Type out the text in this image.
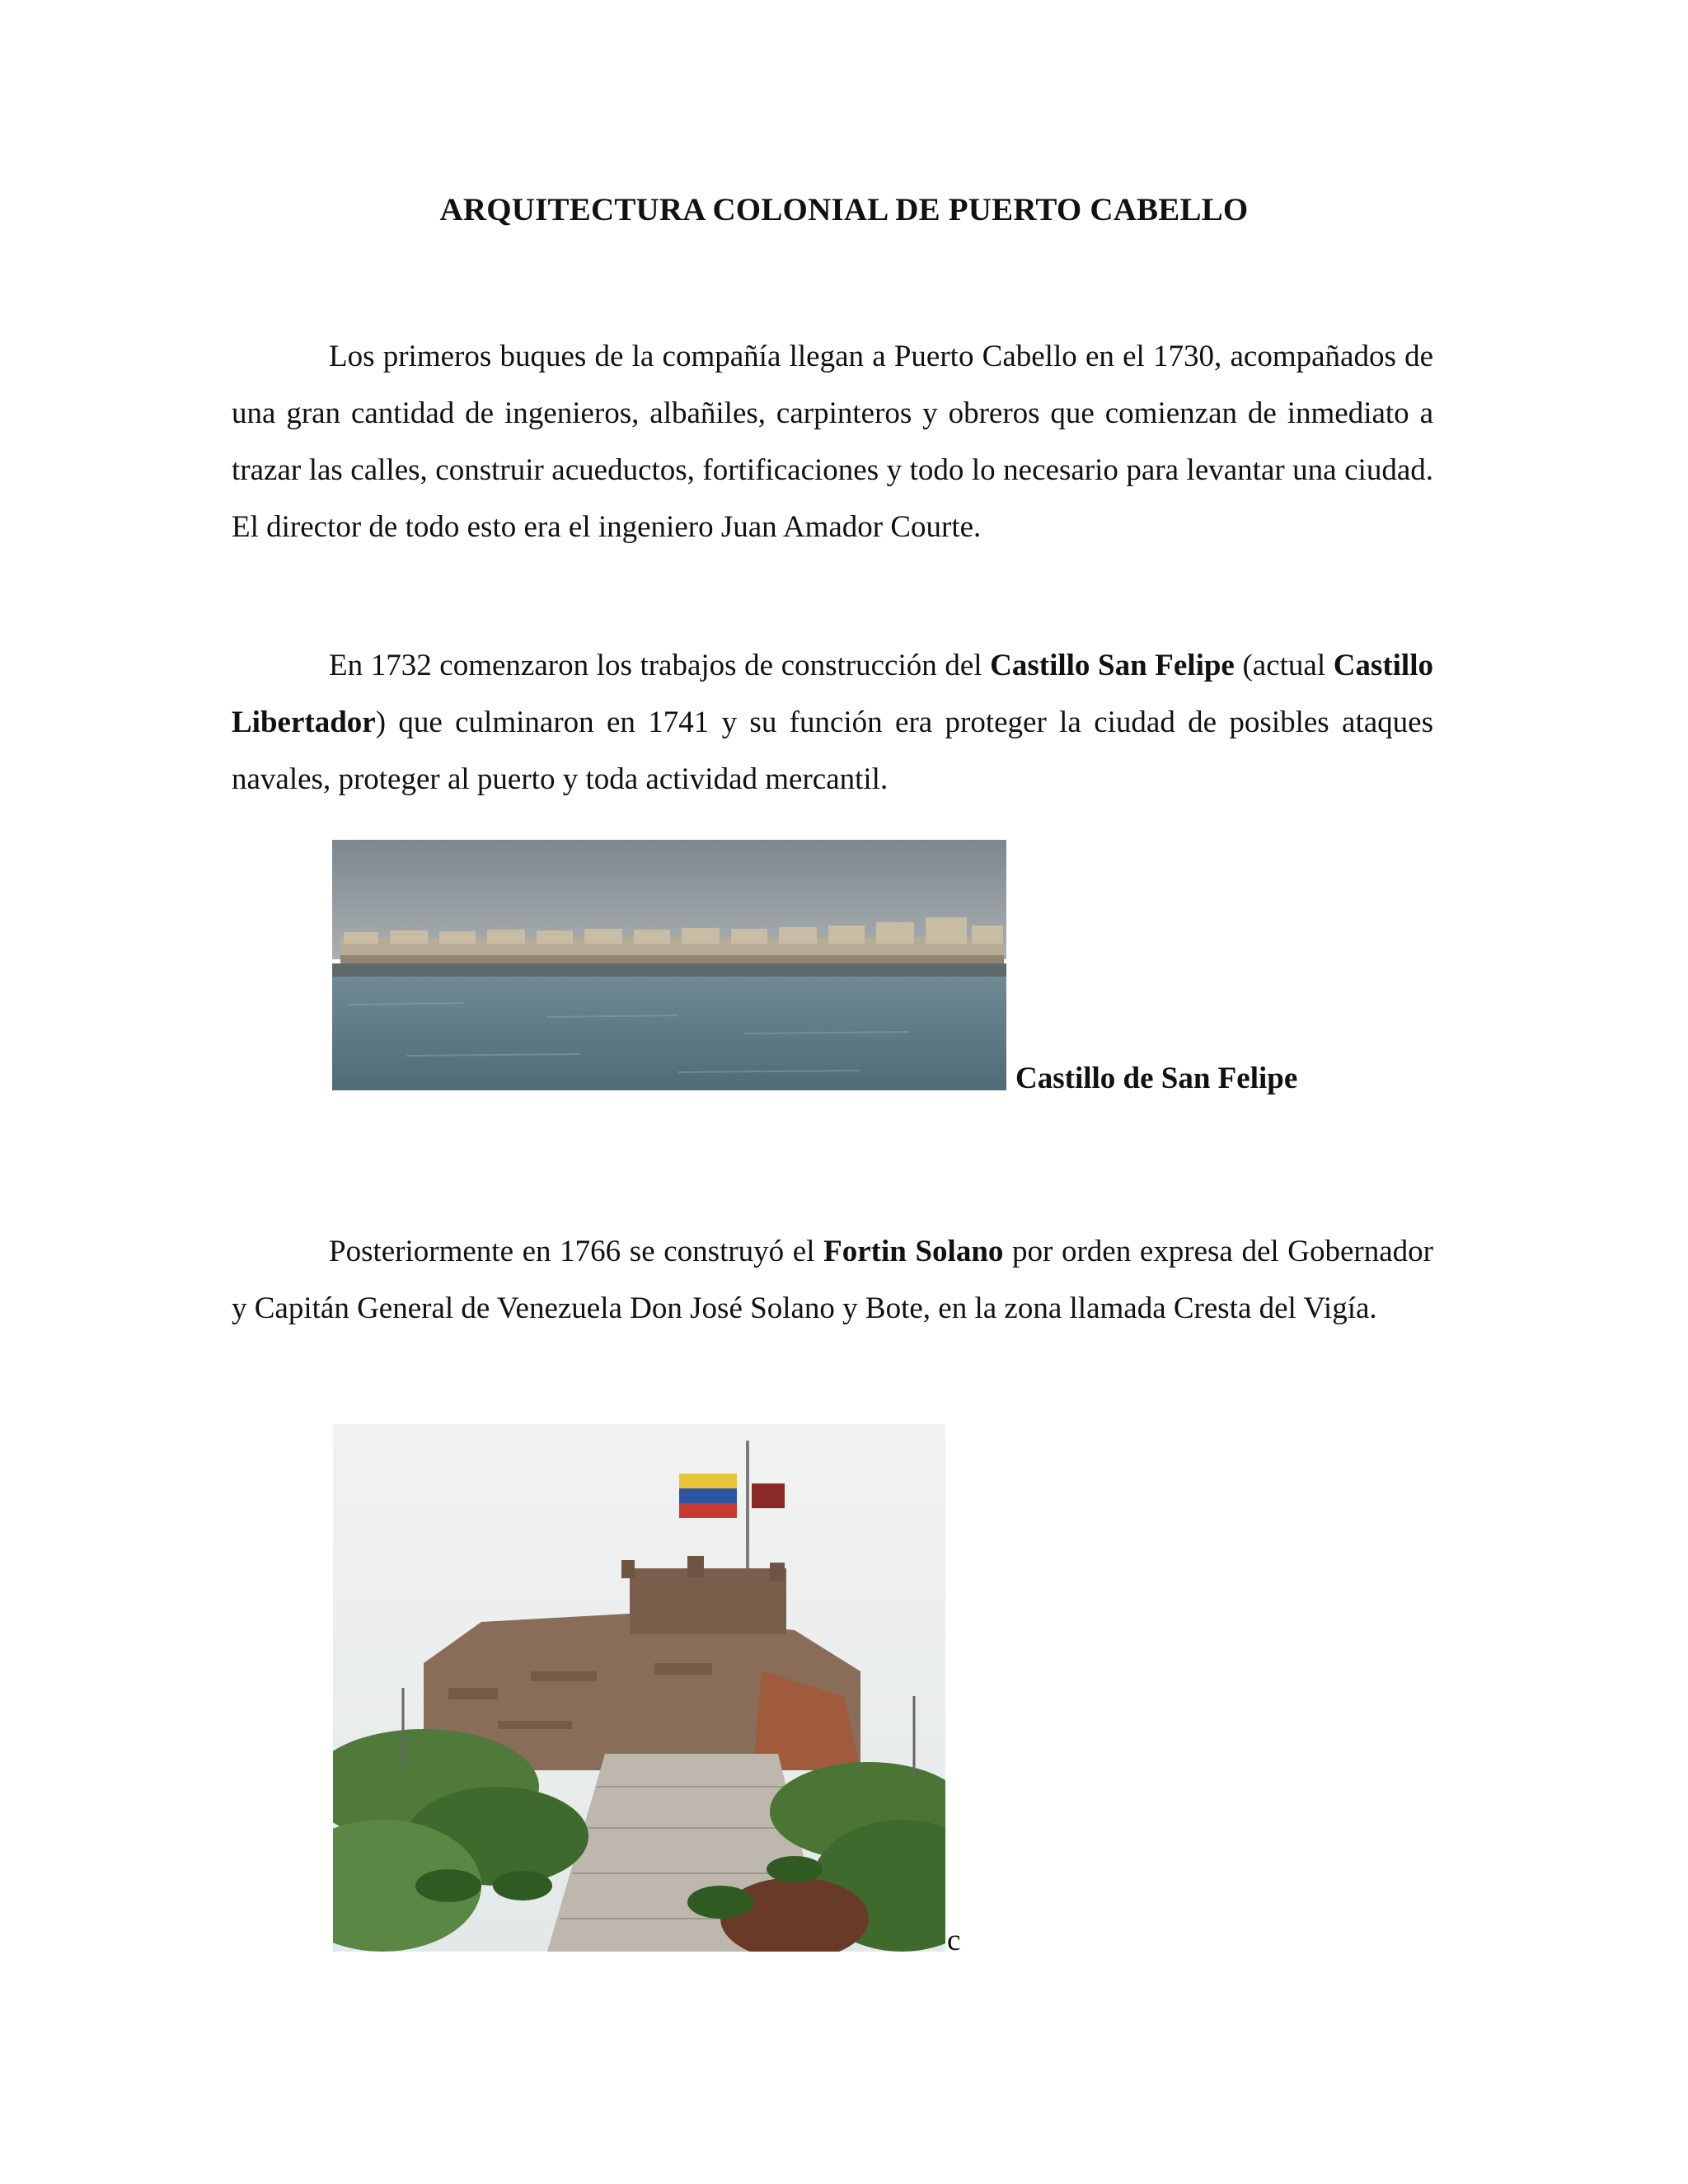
ARQUITECTURA COLONIAL DE PUERTO CABELLO

Los primeros buques de la compañía llegan a Puerto Cabello en el 1730, acompañados de una gran cantidad de ingenieros, albañiles, carpinteros y obreros que comienzan de inmediato a trazar las calles, construir acueductos, fortificaciones y todo lo necesario para levantar una ciudad. El director de todo esto era el ingeniero Juan Amador Courte.

En 1732 comenzaron los trabajos de construcción del Castillo San Felipe (actual Castillo Libertador) que culminaron en 1741 y su función era proteger la ciudad de posibles ataques navales, proteger al puerto y toda actividad mercantil.

Castillo de San Felipe

Posteriormente en 1766 se construyó el Fortin Solano por orden expresa del Gobernador y Capitán General de Venezuela Don José Solano y Bote, en la zona llamada Cresta del Vigía.

c
